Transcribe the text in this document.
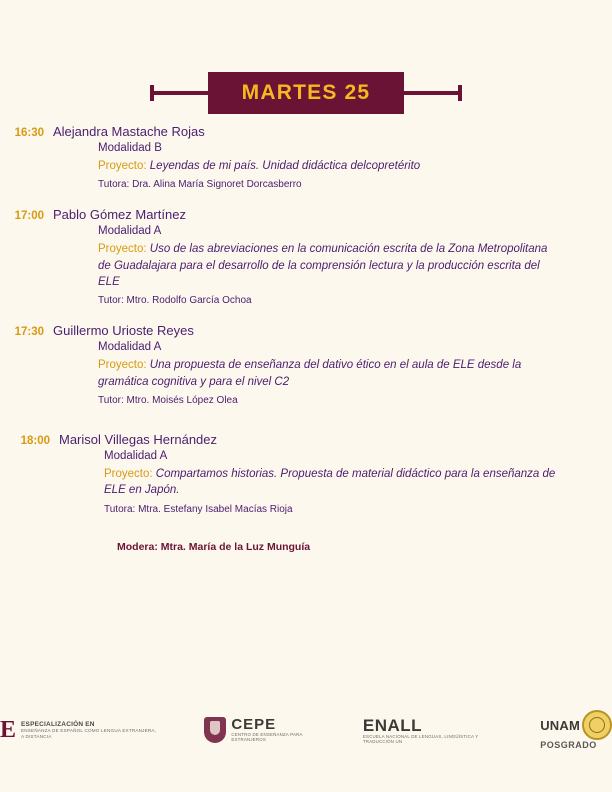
MARTES 25
16:30 Alejandra Mastache Rojas
Modalidad B
Proyecto: Leyendas de mi país. Unidad didáctica delcopretérito
Tutora: Dra. Alina María Signoret Dorcasberro
17:00 Pablo Gómez Martínez
Modalidad A
Proyecto: Uso de las abreviaciones en la comunicación escrita de la Zona Metropolitana de Guadalajara para el desarrollo de la comprensión lectura y la producción escrita del ELE
Tutor: Mtro. Rodolfo García Ochoa
17:30 Guillermo Urioste Reyes
Modalidad A
Proyecto: Una propuesta de enseñanza del dativo ético en el aula de ELE desde la gramática cognitiva y para el nivel C2
Tutor: Mtro. Moisés López Olea
18:00 Marisol Villegas Hernández
Modalidad A
Proyecto: Compartamos historias. Propuesta de material didáctico para la enseñanza de ELE en Japón.
Tutora: Mtra. Estefany Isabel Macías Rioja
Modera: Mtra. María de la Luz Munguía
E ESPECIALIZACIÓN EN
ENSEÑANZA DE ESPAÑOL COMO LENGUA EXTRANJERA, A DISTANCIA
CEPE
CENTRO DE ENSEÑANZA PARA EXTRANJEROS
ENALL
ESCUELA NACIONAL DE LENGUAS, LINGÜÍSTICA Y TRADUCCIÓN UN
UNAM
POSGRADO
